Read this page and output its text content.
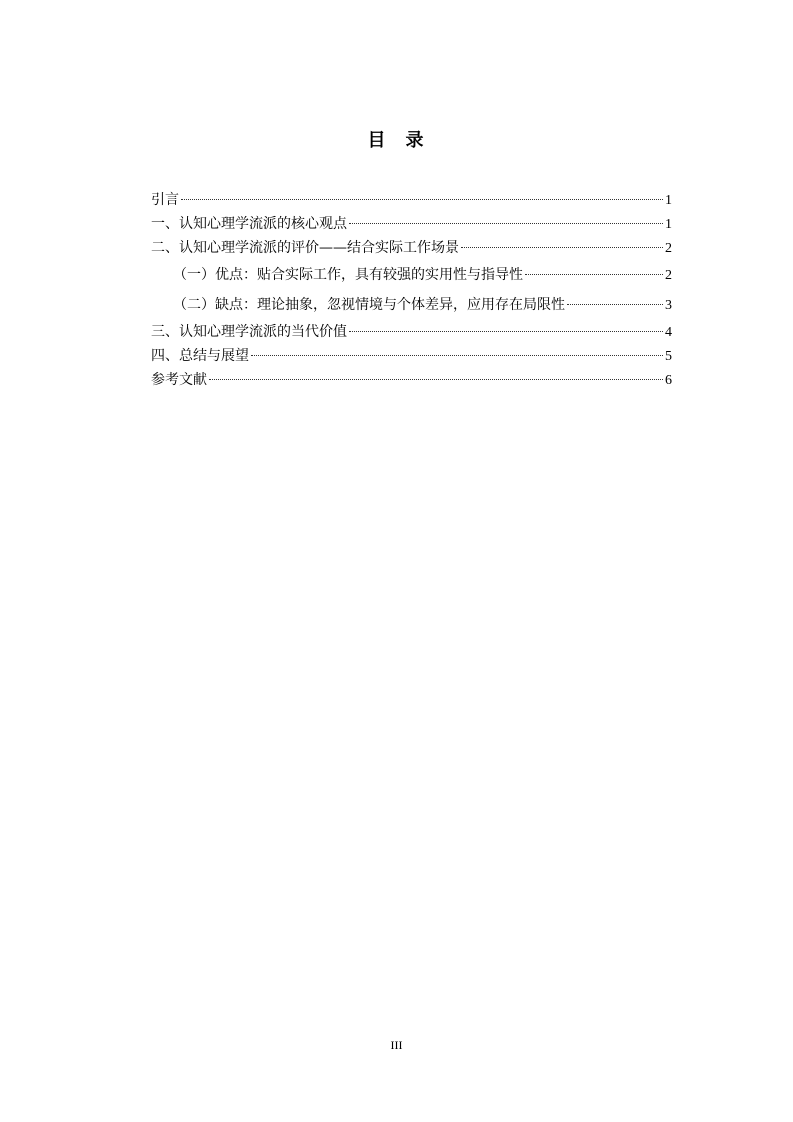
目 录
引言	1
一、认知心理学流派的核心观点	1
二、认知心理学流派的评价——结合实际工作场景	2
（一）优点：贴合实际工作，具有较强的实用性与指导性	2
（二）缺点：理论抽象，忽视情境与个体差异，应用存在局限性	3
三、认知心理学流派的当代价值	4
四、总结与展望	5
参考文献	6
III
